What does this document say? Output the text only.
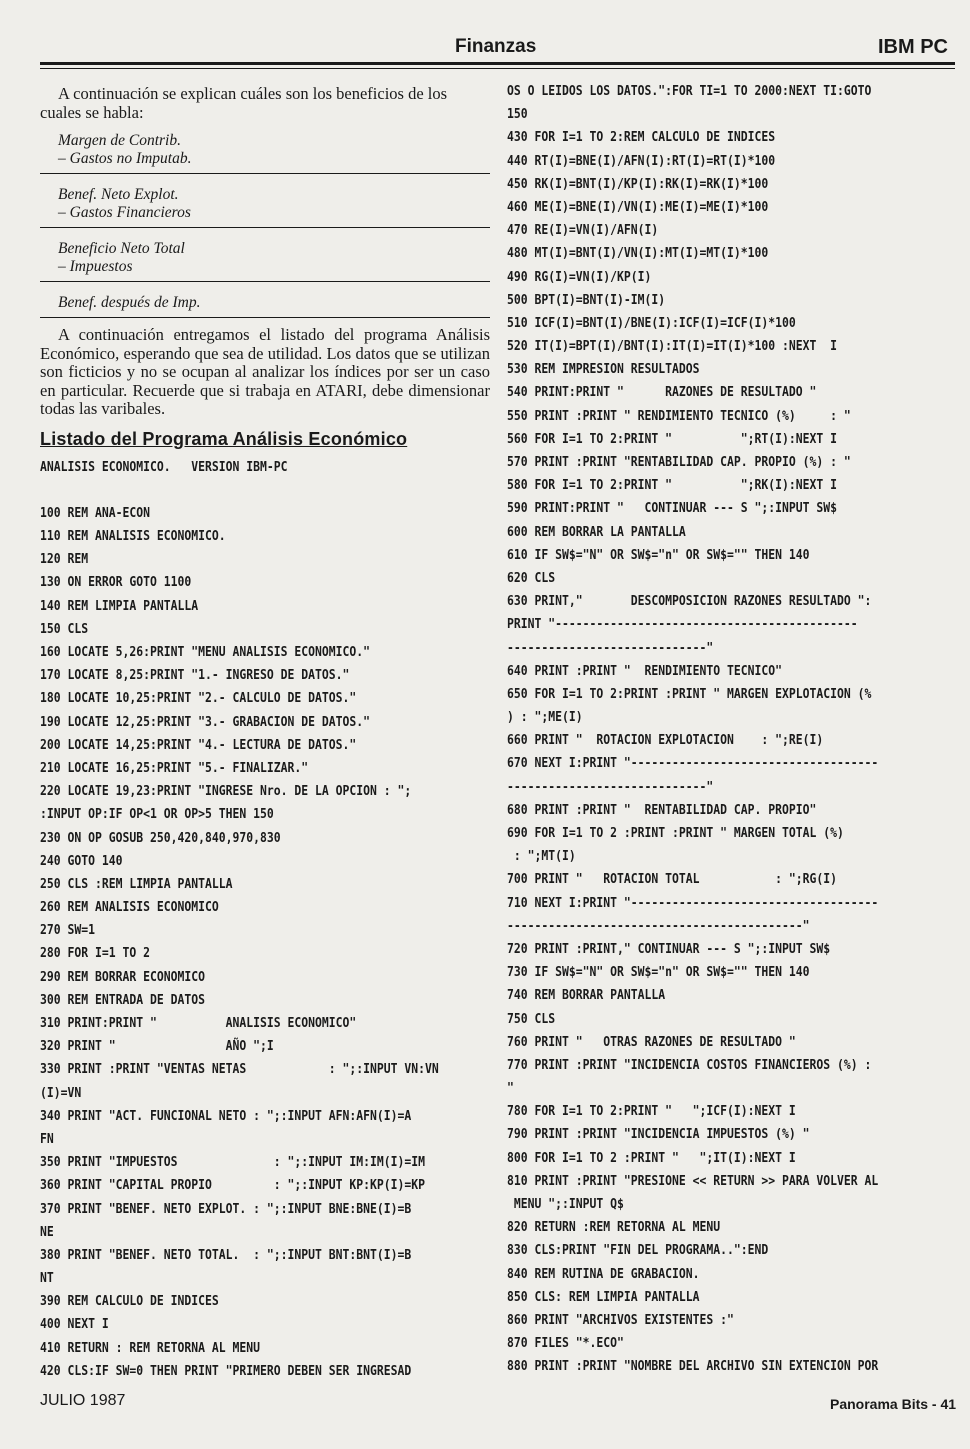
Finanzas	IBM PC

A continuación se explican cuáles son los beneficios de los cuales se habla:

Margen de Contrib.
– Gastos no Imputab.
Benef. Neto Explot.
– Gastos Financieros
Beneficio Neto Total
– Impuestos
Benef. después de Imp.

A continuación entregamos el listado del programa Análisis Económico, esperando que sea de utilidad. Los datos que se utilizan son ficticios y no se ocupan al analizar los índices por ser un caso en particular. Recuerde que si trabaja en ATARI, debe dimensionar todas las varibales.

Listado del Programa Análisis Económico
ANALISIS ECONOMICO.   VERSION IBM-PC
100 REM ANA-ECON
110 REM ANALISIS ECONOMICO.
120 REM
130 ON ERROR GOTO 1100
140 REM LIMPIA PANTALLA
150 CLS
160 LOCATE 5,26:PRINT "MENU ANALISIS ECONOMICO."
170 LOCATE 8,25:PRINT "1.- INGRESO DE DATOS."
180 LOCATE 10,25:PRINT "2.- CALCULO DE DATOS."
190 LOCATE 12,25:PRINT "3.- GRABACION DE DATOS."
200 LOCATE 14,25:PRINT "4.- LECTURA DE DATOS."
210 LOCATE 16,25:PRINT "5.- FINALIZAR."
220 LOCATE 19,23:PRINT "INGRESE Nro. DE LA OPCION : ";
:INPUT OP:IF OP<1 OR OP>5 THEN 150
230 ON OP GOSUB 250,420,840,970,830
240 GOTO 140
250 CLS :REM LIMPIA PANTALLA
260 REM ANALISIS ECONOMICO
270 SW=1
280 FOR I=1 TO 2
290 REM BORRAR ECONOMICO
300 REM ENTRADA DE DATOS
310 PRINT:PRINT "          ANALISIS ECONOMICO"
320 PRINT "                AÑO ";I
330 PRINT :PRINT "VENTAS NETAS            : ";:INPUT VN:VN
(I)=VN
340 PRINT "ACT. FUNCIONAL NETO : ";:INPUT AFN:AFN(I)=A
FN
350 PRINT "IMPUESTOS              : ";:INPUT IM:IM(I)=IM
360 PRINT "CAPITAL PROPIO         : ";:INPUT KP:KP(I)=KP
370 PRINT "BENEF. NETO EXPLOT. : ";:INPUT BNE:BNE(I)=B
NE
380 PRINT "BENEF. NETO TOTAL.  : ";:INPUT BNT:BNT(I)=B
NT
390 REM CALCULO DE INDICES
400 NEXT I
410 RETURN : REM RETORNA AL MENU
420 CLS:IF SW=0 THEN PRINT "PRIMERO DEBEN SER INGRESAD
OS O LEIDOS LOS DATOS.":FOR TI=1 TO 2000:NEXT TI:GOTO
150
430 FOR I=1 TO 2:REM CALCULO DE INDICES
440 RT(I)=BNE(I)/AFN(I):RT(I)=RT(I)*100
450 RK(I)=BNT(I)/KP(I):RK(I)=RK(I)*100
460 ME(I)=BNE(I)/VN(I):ME(I)=ME(I)*100
470 RE(I)=VN(I)/AFN(I)
480 MT(I)=BNT(I)/VN(I):MT(I)=MT(I)*100
490 RG(I)=VN(I)/KP(I)
500 BPT(I)=BNT(I)-IM(I)
510 ICF(I)=BNT(I)/BNE(I):ICF(I)=ICF(I)*100
520 IT(I)=BPT(I)/BNT(I):IT(I)=IT(I)*100 :NEXT  I
530 REM IMPRESION RESULTADOS
540 PRINT:PRINT "      RAZONES DE RESULTADO "
550 PRINT :PRINT " RENDIMIENTO TECNICO (%)     : "
560 FOR I=1 TO 2:PRINT "          ";RT(I):NEXT I
570 PRINT :PRINT "RENTABILIDAD CAP. PROPIO (%) : "
580 FOR I=1 TO 2:PRINT "          ";RK(I):NEXT I
590 PRINT:PRINT "   CONTINUAR --- S ";:INPUT SW$
600 REM BORRAR LA PANTALLA
610 IF SW$="N" OR SW$="n" OR SW$="" THEN 140
620 CLS
630 PRINT,"       DESCOMPOSICION RAZONES RESULTADO ":
PRINT "--------------------------------------------
-----------------------------"
640 PRINT :PRINT "  RENDIMIENTO TECNICO"
650 FOR I=1 TO 2:PRINT :PRINT " MARGEN EXPLOTACION (%
) : ";ME(I)
660 PRINT "  ROTACION EXPLOTACION    : ";RE(I)
670 NEXT I:PRINT "------------------------------------
-----------------------------"
680 PRINT :PRINT "  RENTABILIDAD CAP. PROPIO"
690 FOR I=1 TO 2 :PRINT :PRINT " MARGEN TOTAL (%)
: ";MT(I)
700 PRINT "   ROTACION TOTAL           : ";RG(I)
710 NEXT I:PRINT "------------------------------------
-------------------------------------------"
720 PRINT :PRINT," CONTINUAR --- S ";:INPUT SW$
730 IF SW$="N" OR SW$="n" OR SW$="" THEN 140
740 REM BORRAR PANTALLA
750 CLS
760 PRINT "   OTRAS RAZONES DE RESULTADO "
770 PRINT :PRINT "INCIDENCIA COSTOS FINANCIEROS (%) :
"
780 FOR I=1 TO 2:PRINT "   ";ICF(I):NEXT I
790 PRINT :PRINT "INCIDENCIA IMPUESTOS (%) "
800 FOR I=1 TO 2 :PRINT "   ";IT(I):NEXT I
810 PRINT :PRINT "PRESIONE << RETURN >> PARA VOLVER AL
MENU ";:INPUT Q$
820 RETURN :REM RETORNA AL MENU
830 CLS:PRINT "FIN DEL PROGRAMA..":END
840 REM RUTINA DE GRABACION.
850 CLS: REM LIMPIA PANTALLA
860 PRINT "ARCHIVOS EXISTENTES :"
870 FILES "*.ECO"
880 PRINT :PRINT "NOMBRE DEL ARCHIVO SIN EXTENCION POR
JULIO 1987	Panorama Bits - 41
